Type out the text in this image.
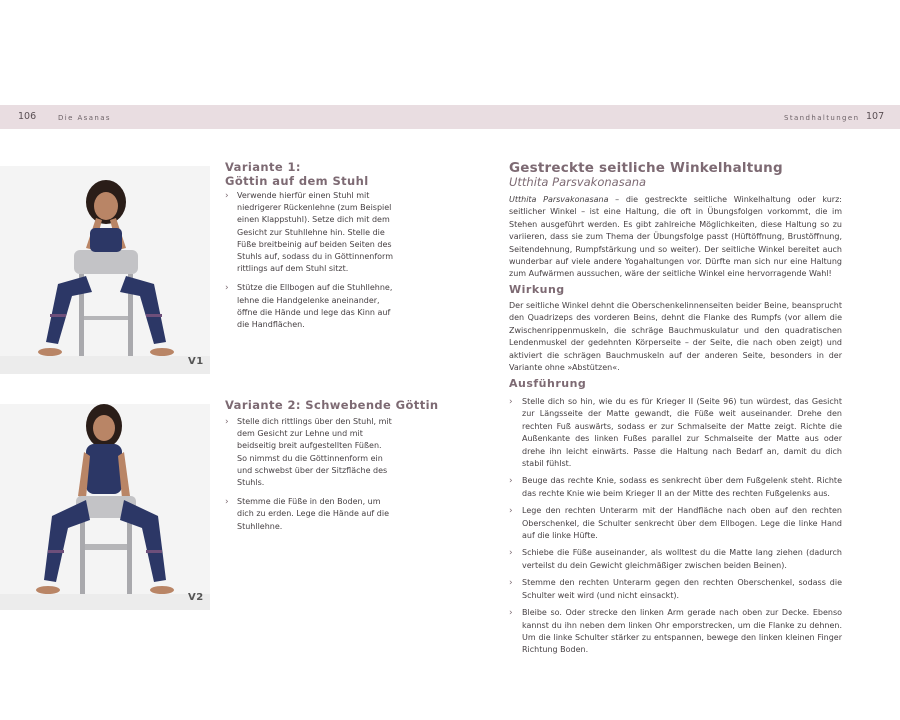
106	Die Asanas	Standhaltungen 107
V1
V2
Variante 1:
Göttin auf dem Stuhl
› Verwende hierfür einen Stuhl mit niedrigerer Rückenlehne (zum Beispiel einen Klappstuhl). Setze dich mit dem Gesicht zur Stuhllehne hin. Stelle die Füße breitbeinig auf beiden Seiten des Stuhls auf, sodass du in Göttinnenform rittlings auf dem Stuhl sitzt.
› Stütze die Ellbogen auf die Stuhllehne, lehne die Handgelenke aneinander, öffne die Hände und lege das Kinn auf die Handflächen.
Variante 2: Schwebende Göttin
› Stelle dich rittlings über den Stuhl, mit dem Gesicht zur Lehne und mit beidseitig breit aufgestellten Füßen. So nimmst du die Göttinnenform ein und schwebst über der Sitzfläche des Stuhls.
› Stemme die Füße in den Boden, um dich zu erden. Lege die Hände auf die Stuhllehne.
Gestreckte seitliche Winkelhaltung
Utthita Parsvakonasana

Utthita Parsvakonasana – die gestreckte seitliche Winkelhaltung oder kurz: seitlicher Winkel – ist eine Haltung, die oft in Übungsfolgen vorkommt, die im Stehen ausgeführt werden. Es gibt zahlreiche Möglichkeiten, diese Haltung so zu variieren, dass sie zum Thema der Übungsfolge passt (Hüftöffnung, Brustöffnung, Seitendehnung, Rumpfstärkung und so weiter). Der seitliche Winkel bereitet auch wunderbar auf viele andere Yogahaltungen vor. Dürfte man sich nur eine Haltung zum Aufwärmen aussuchen, wäre der seitliche Winkel eine hervorragende Wahl!

Wirkung

Der seitliche Winkel dehnt die Oberschenkelinnenseiten beider Beine, beansprucht den Quadrizeps des vorderen Beins, dehnt die Flanke des Rumpfs (vor allem die Zwischenrippenmuskeln, die schräge Bauchmuskulatur und den quadratischen Lendenmuskel der gedehnten Körperseite – der Seite, die nach oben zeigt) und aktiviert die schrägen Bauchmuskeln auf der anderen Seite, besonders in der Variante ohne »Abstützen«.

Ausführung
› Stelle dich so hin, wie du es für Krieger II (Seite 96) tun würdest, das Gesicht zur Längsseite der Matte gewandt, die Füße weit auseinander. Drehe den rechten Fuß auswärts, sodass er zur Schmalseite der Matte zeigt. Richte die Außenkante des linken Fußes parallel zur Schmalseite der Matte aus oder drehe ihn leicht einwärts. Passe die Haltung nach Bedarf an, damit du dich stabil fühlst.
› Beuge das rechte Knie, sodass es senkrecht über dem Fußgelenk steht. Richte das rechte Knie wie beim Krieger II an der Mitte des rechten Fußgelenks aus.
› Lege den rechten Unterarm mit der Handfläche nach oben auf den rechten Oberschenkel, die Schulter senkrecht über dem Ellbogen. Lege die linke Hand auf die linke Hüfte.
› Schiebe die Füße auseinander, als wolltest du die Matte lang ziehen (dadurch verteilst du dein Gewicht gleichmäßiger zwischen beiden Beinen).
› Stemme den rechten Unterarm gegen den rechten Oberschenkel, sodass die Schulter weit wird (und nicht einsackt).
› Bleibe so. Oder strecke den linken Arm gerade nach oben zur Decke. Ebenso kannst du ihn neben dem linken Ohr emporstrecken, um die Flanke zu dehnen. Um die linke Schulter stärker zu entspannen, bewege den linken kleinen Finger Richtung Boden.
